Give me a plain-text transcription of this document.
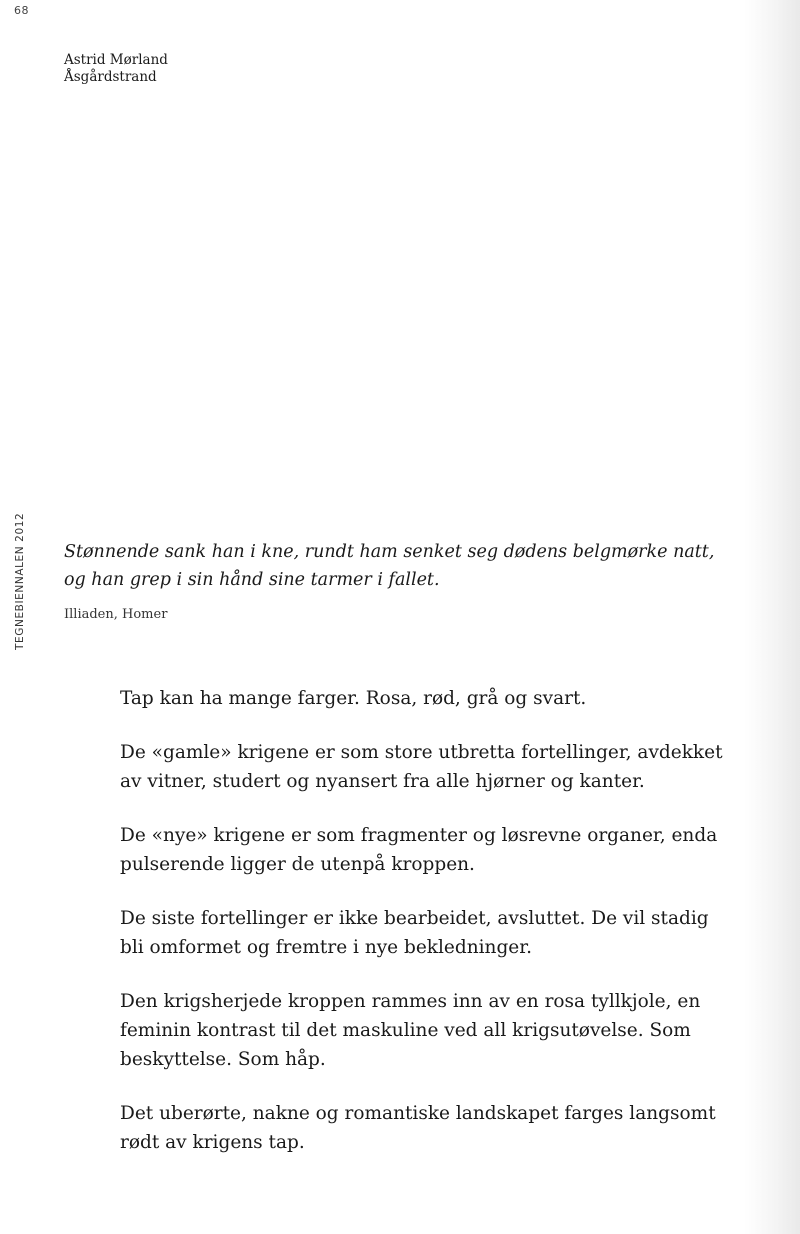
68
Astrid Mørland
Åsgårdstrand
TEGNEBIENNALEN 2012 Stønnende sank han i kne, rundt ham senket seg dødens belgmørke natt,

og han grep i sin hånd sine tarmer i fallet.

Illiaden, Homer

Tap kan ha mange farger. Rosa, rød, grå og svart.

De «gamle» krigene er som store utbretta fortellinger, avdekket
av vitner, studert og nyansert fra alle hjørner og kanter.

De «nye» krigene er som fragmenter og løsrevne organer, enda
pulserende ligger de utenpå kroppen.

De siste fortellinger er ikke bearbeidet, avsluttet. De vil stadig
bli omformet og fremtre i nye bekledninger.

Den krigsherjede kroppen rammes inn av en rosa tyllkjole, en
feminin kontrast til det maskuline ved all krigsutøvelse. Som
beskyttelse. Som håp.

Det uberørte, nakne og romantiske landskapet farges langsomt
rødt av krigens tap.
